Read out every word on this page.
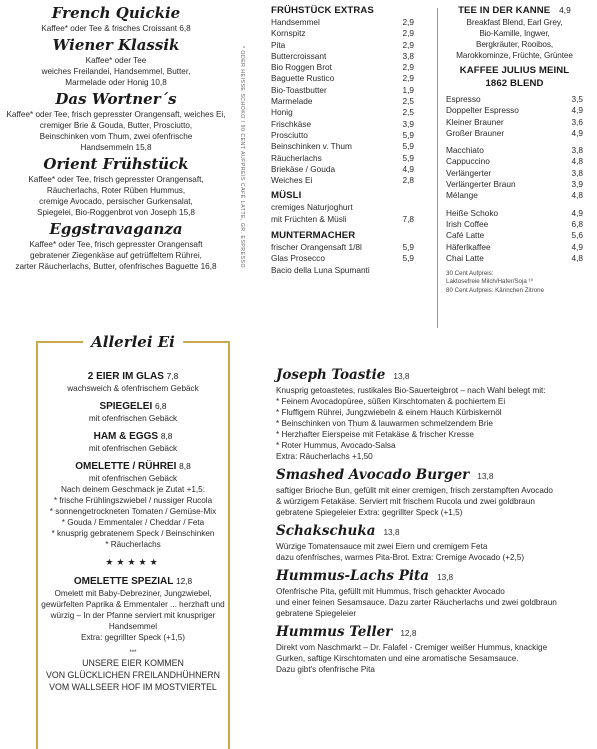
French Quickie
Kaffee* oder Tee & frisches Croissant 6,8
Wiener Klassik
Kaffee* oder Tee
weiches Freilandei, Handsemmel, Butter,
Marmelade oder Honig 10,8
Das Wortner´s
Kaffee* oder Tee, frisch gepresster Orangensaft, weiches Ei,
cremiger Brie & Gouda, Butter, Prosciutto,
Beinschinken vom Thum, zwei ofenfrische
Handsemmeln 15,8
Orient Frühstück
Kaffee* oder Tee, frisch gepresster Orangensaft,
Räucherlachs, Roter Rüben Hummus,
cremige Avocado, persischer Gurkensalat,
Spiegelei, Bio-Roggenbrot von Joseph 15,8
Eggstravaganza
Kaffee* oder Tee, frisch gepresster Orangensaft
gebratener Ziegenkäse auf getrüffeltem Rührei,
zarter Räucherlachs, Butter, ofenfrisches Baguette 16,8	* ODER HEISSE SCHOKO / 90 CENT AUFPREIS CAFÉ LATTE, GR. ESPRESSO
FRÜHSTÜCK EXTRAS
Handsemmel	2,9
Kornspitz	2,9
Pita	2,9
Buttercroissant	3,8
Bio Roggen Brot	2,9
Baguette Rustico	2,9
Bio-Toastbutter	1,9
Marmelade	2,5
Honig	2,5
Frischkäse	3,9
Prosciutto	5,9
Beinschinken v. Thum	5,9
Räucherlachs	5,9
Briekäse / Gouda	4,9
Weiches Ei	2,8
MÜSLI
cremiges Naturjoghurt
mit Früchten & Müsli	7,8
MUNTERMACHER
frischer Orangensaft 1/8l	5,9
Glas Prosecco	5,9
Bacio della Luna Spumanti
TEE IN DER KANNE 4,9
Breakfast Blend, Earl Grey,
Bio-Kamille, Ingwer,
Bergkräuter, Rooibos,
Marokkominze, Früchte, Grüntee
KAFFEE JULIUS MEINL
1862 BLEND
Espresso	3,5
Doppelter Espresso	4,9
Kleiner Brauner	3,6
Großer Brauner	4,9
Macchiato	3,8
Cappuccino	4,8
Verlängerter	3,8
Verlängerter Braun	3,9
Mélange	4,8
Heiße Schoko	4,9
Irish Coffee	6,8
Café Latte	5,6
Häferlkaffee	4,9
Chai Latte	4,8
30 Cent Aufpreis:
Laktosefreie Milch/Hafer/Soja ¹⁰
80 Cent Aufpreis: Kännchen Zitrone
Allerlei Ei
2 EIER IM GLAS 7,8
wachsweich & ofenfrischem Gebäck
SPIEGELEI 6,8
mit ofenfrischen Gebäck
HAM & EGGS 8,8
mit ofenfrischen Gebäck
OMELETTE / RÜHREI 8,8
mit ofenfrischen Gebäck
Nach deinem Geschmack je Zutat +1,5:
* frische Frühlingszwiebel / nussiger Rucola
* sonnengetrockneten Tomaten / Gemüse-Mix
* Gouda / Emmentaler / Cheddar / Feta
* knusprig gebratenem Speck / Beinschinken
* Räucherlachs
★★★★★
OMELETTE SPEZIAL 12,8
Omelett mit Baby-Debreziner, Jungzwiebel,
gewürfelten Paprika & Emmentaler ... herzhaft und
würzig – In der Pfanne serviert mit knuspriger
Handsemmel
Extra: gegrillter Speck (+1,5)
***
UNSERE EIER KOMMEN
VON GLÜCKLICHEN FREILANDHÜHNERN
VOM WALLSEER HOF IM MOSTVIERTEL
Joseph Toastie 13,8
Knusprig getoastetes, rustikales Bio-Sauerteigbrot – nach Wahl belegt mit:
* Feinem Avocadopüree, süßen Kirschtomaten & pochiertem Ei
* Fluffigem Rührei, Jungzwiebeln & einem Hauch Kürbiskernöl
* Beinschinken von Thum & lauwarmen schmelzendem Brie
* Herzhafter Eierspeise mit Fetakäse & frischer Kresse
* Roter Hummus, Avocado-Salsa
Extra: Räucherlachs +1,50
Smashed Avocado Burger 13,8
saftiger Brioche Bun, gefüllt mit einer cremigen, frisch zerstampften Avocado
& würzigem Fetakäse. Serviert mit frischem Rucola und zwei goldbraun
gebratene Spiegeleier Extra: gegrillter Speck (+1,5)
Schakschuka 13,8
Würzige Tomatensauce mit zwei Eiern und cremigem Feta
dazu ofenfrisches, warmes Pita-Brot. Extra: Cremige Avocado (+2,5)
Hummus-Lachs Pita 13,8
Ofenfrische Pita, gefüllt mit Hummus, frisch gehackter Avocado
und einer feinen Sesamsauce. Dazu zarter Räucherlachs und zwei goldbraun
gebratene Spiegeleier
Hummus Teller 12,8
Direkt vom Naschmarkt – Dr. Falafel - Cremiger weißer Hummus, knackige
Gurken, saftige Kirschtomaten und eine aromatische Sesamsauce.
Dazu gibt's ofenfrische Pita
